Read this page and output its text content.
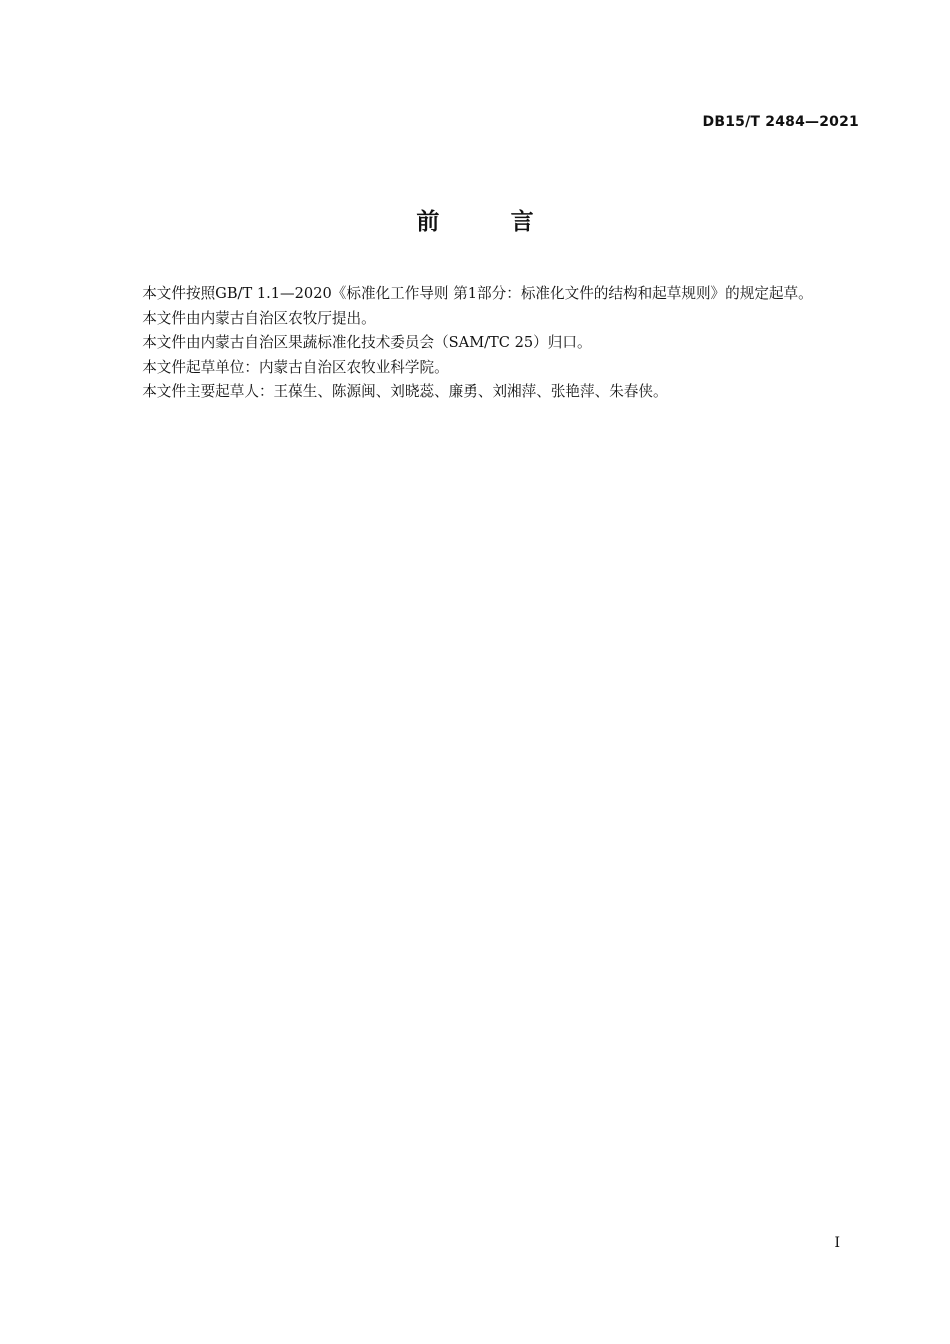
DB15/T 2484—2021
前言

本文件按照GB/T 1.1—2020《标准化工作导则 第1部分：标准化文件的结构和起草规则》的规定起草。

本文件由内蒙古自治区农牧厅提出。

本文件由内蒙古自治区果蔬标准化技术委员会（SAM/TC 25）归口。

本文件起草单位：内蒙古自治区农牧业科学院。

本文件主要起草人：王葆生、陈源闽、刘晓蕊、廉勇、刘湘萍、张艳萍、朱春侠。

I
